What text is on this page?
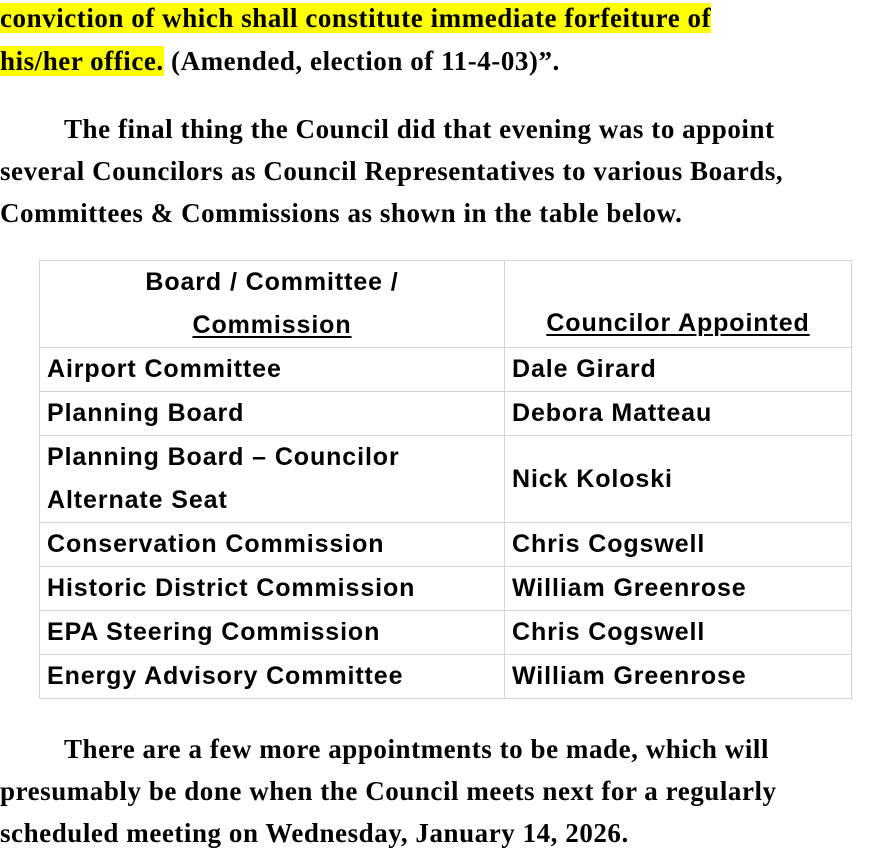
conviction of which shall constitute immediate forfeiture of
his/her office. (Amended, election of 11-4-03)”.
The final thing the Council did that evening was to appoint
several Councilors as Council Representatives to various Boards,
Committees & Commissions as shown in the table below.
Board / Committee /
Commission	Councilor Appointed
Airport Committee	Dale Girard
Planning Board	Debora Matteau

Planning Board – Councilor
Alternate Seat	Nick Koloski
Conservation Commission	Chris Cogswell
Historic District Commission	William Greenrose
EPA Steering Commission	Chris Cogswell
Energy Advisory Committee	William Greenrose
There are a few more appointments to be made, which will
presumably be done when the Council meets next for a regularly
scheduled meeting on Wednesday, January 14, 2026.
